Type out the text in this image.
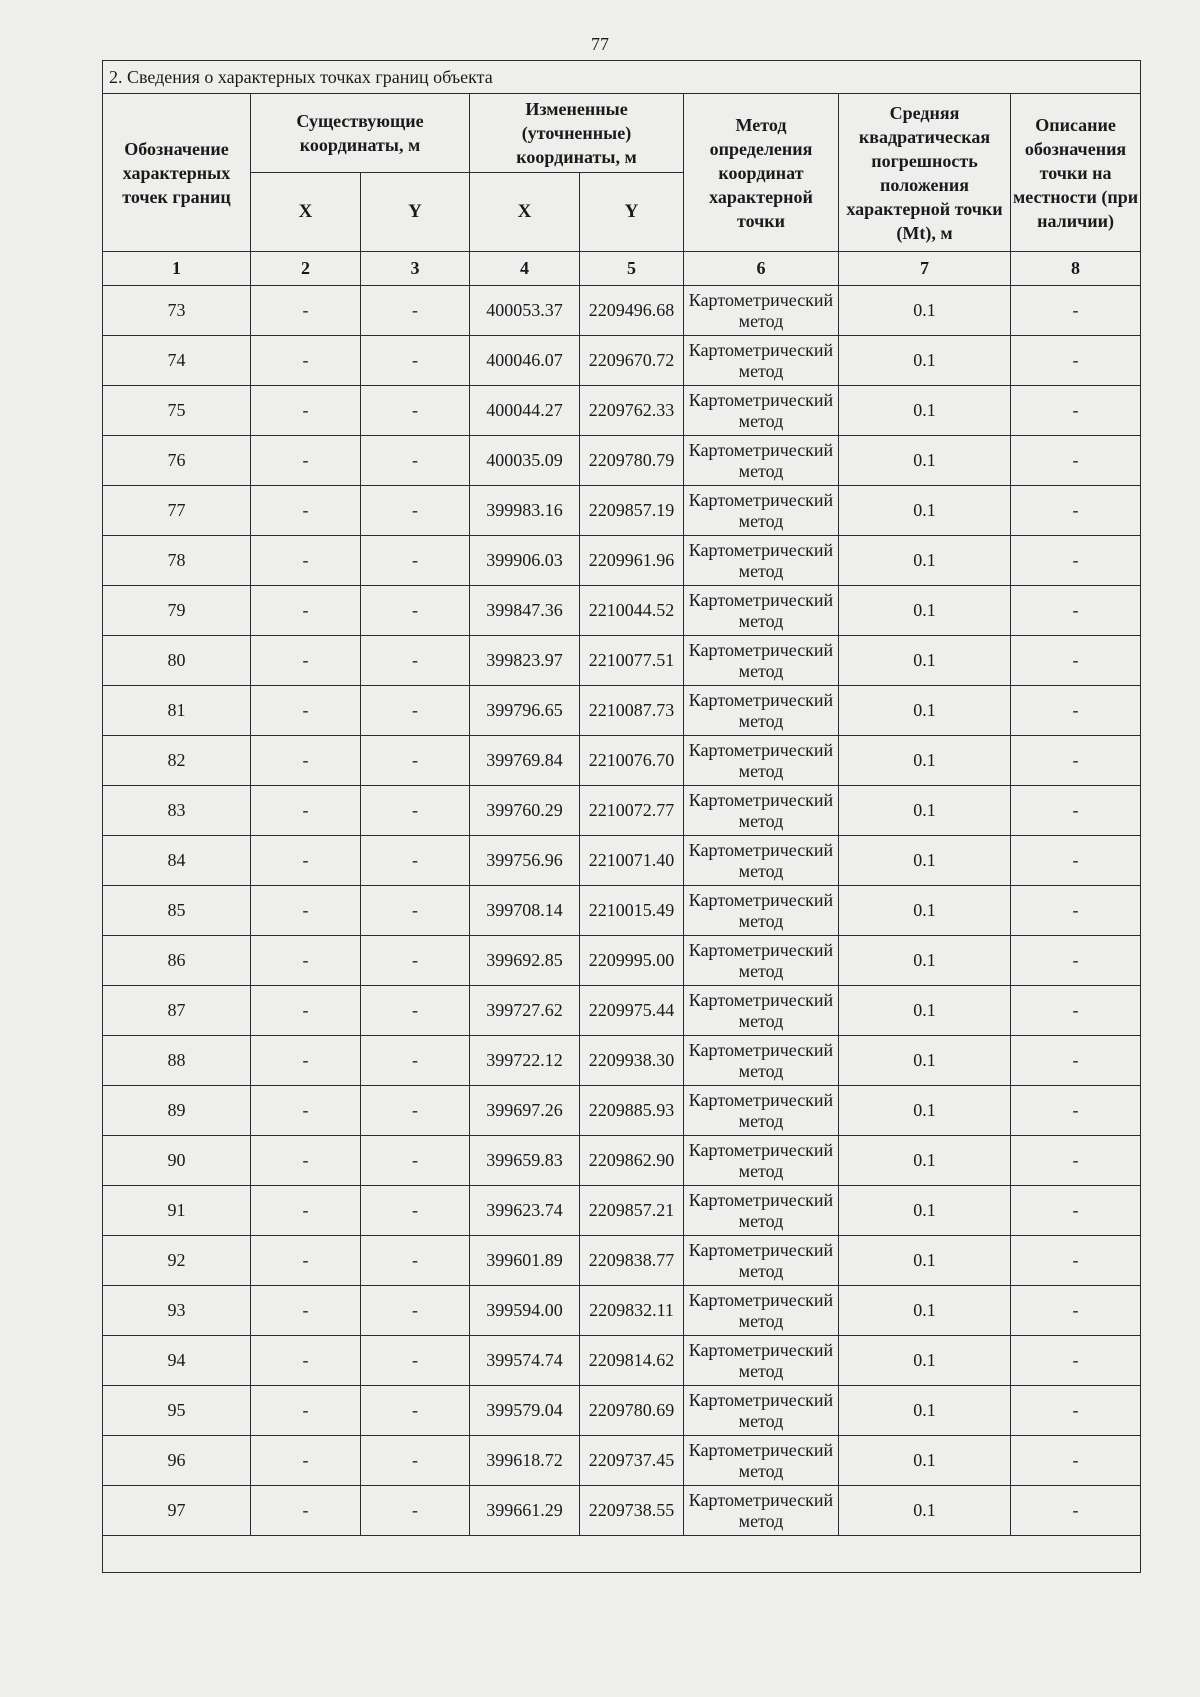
77
2. Сведения о характерных точках границ объекта							
Обозначение характерных точек границ	Существующие координаты, м		Измененные (уточненные) координаты, м		Метод определения координат характерной точки	Средняя квадратическая погрешность положения характерной точки (Mt), м	Описание обозначения точки на местности (при наличии)
	X	Y	X	Y			
1	2	3	4	5	6	7	8
73	-	-	400053.37	2209496.68	Картометрический метод	0.1	-
74	-	-	400046.07	2209670.72	Картометрический метод	0.1	-
75	-	-	400044.27	2209762.33	Картометрический метод	0.1	-
76	-	-	400035.09	2209780.79	Картометрический метод	0.1	-
77	-	-	399983.16	2209857.19	Картометрический метод	0.1	-
78	-	-	399906.03	2209961.96	Картометрический метод	0.1	-
79	-	-	399847.36	2210044.52	Картометрический метод	0.1	-
80	-	-	399823.97	2210077.51	Картометрический метод	0.1	-
81	-	-	399796.65	2210087.73	Картометрический метод	0.1	-
82	-	-	399769.84	2210076.70	Картометрический метод	0.1	-
83	-	-	399760.29	2210072.77	Картометрический метод	0.1	-
84	-	-	399756.96	2210071.40	Картометрический метод	0.1	-
85	-	-	399708.14	2210015.49	Картометрический метод	0.1	-
86	-	-	399692.85	2209995.00	Картометрический метод	0.1	-
87	-	-	399727.62	2209975.44	Картометрический метод	0.1	-
88	-	-	399722.12	2209938.30	Картометрический метод	0.1	-
89	-	-	399697.26	2209885.93	Картометрический метод	0.1	-
90	-	-	399659.83	2209862.90	Картометрический метод	0.1	-
91	-	-	399623.74	2209857.21	Картометрический метод	0.1	-
92	-	-	399601.89	2209838.77	Картометрический метод	0.1	-
93	-	-	399594.00	2209832.11	Картометрический метод	0.1	-
94	-	-	399574.74	2209814.62	Картометрический метод	0.1	-
95	-	-	399579.04	2209780.69	Картометрический метод	0.1	-
96	-	-	399618.72	2209737.45	Картометрический метод	0.1	-
97	-	-	399661.29	2209738.55	Картометрический метод	0.1	-
